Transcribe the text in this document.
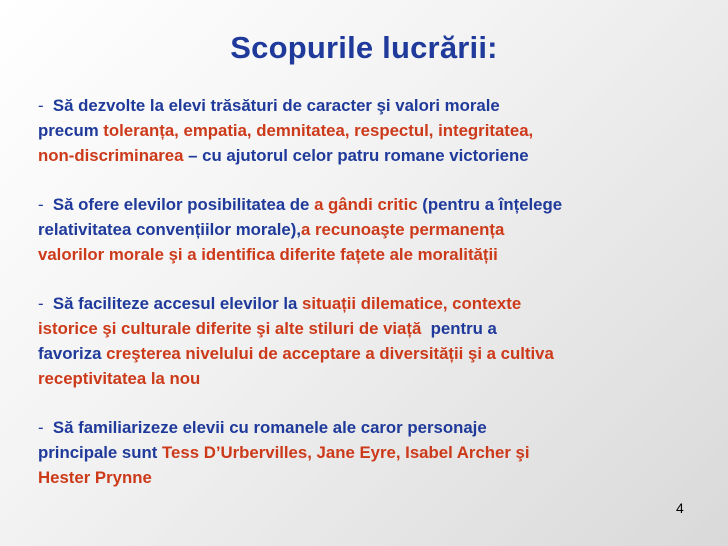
Scopurile lucrării:
- Să dezvolte la elevi trăsături de caracter şi valori morale
precum toleranța, empatia, demnitatea, respectul, integritatea,
non-discriminarea – cu ajutorul celor patru romane victoriene
- Să ofere elevilor posibilitatea de a gândi critic (pentru a înțelege
relativitatea convențiilor morale),a recunoaşte permanența
valorilor morale şi a identifica diferite fațete ale moralității
- Să faciliteze accesul elevilor la situații dilematice, contexte
istorice şi culturale diferite şi alte stiluri de viață pentru a
favoriza creşterea nivelului de acceptare a diversității şi a cultiva
receptivitatea la nou
- Să familiarizeze elevii cu romanele ale caror personaje
principale sunt Tess D’Urbervilles, Jane Eyre, Isabel Archer şi
Hester Prynne
4
